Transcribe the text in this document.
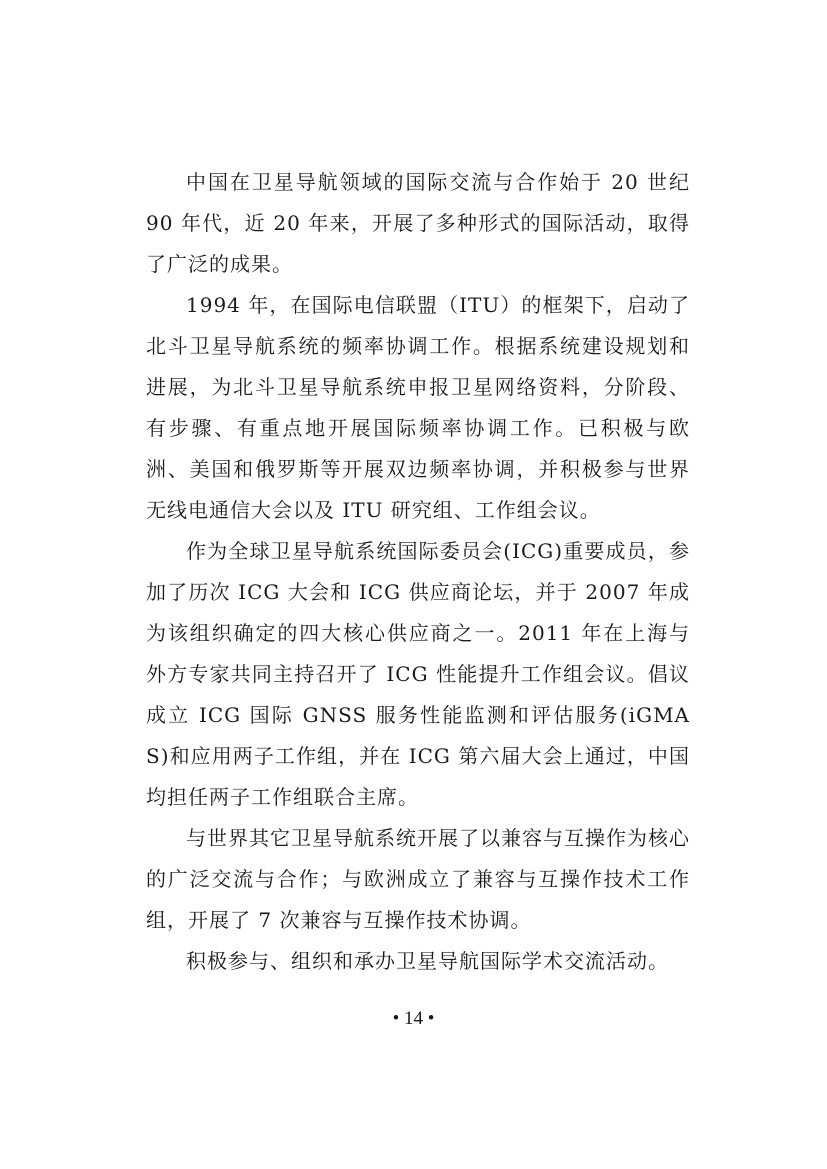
中国在卫星导航领域的国际交流与合作始于 20 世纪 90 年代，近 20 年来，开展了多种形式的国际活动，取得了广泛的成果。

1994 年，在国际电信联盟（ITU）的框架下，启动了北斗卫星导航系统的频率协调工作。根据系统建设规划和进展，为北斗卫星导航系统申报卫星网络资料，分阶段、有步骤、有重点地开展国际频率协调工作。已积极与欧洲、美国和俄罗斯等开展双边频率协调，并积极参与世界无线电通信大会以及 ITU 研究组、工作组会议。

作为全球卫星导航系统国际委员会(ICG)重要成员，参加了历次 ICG 大会和 ICG 供应商论坛，并于 2007 年成为该组织确定的四大核心供应商之一。2011 年在上海与外方专家共同主持召开了 ICG 性能提升工作组会议。倡议成立 ICG 国际 GNSS 服务性能监测和评估服务(iGMAS)和应用两子工作组，并在 ICG 第六届大会上通过，中国均担任两子工作组联合主席。

与世界其它卫星导航系统开展了以兼容与互操作为核心的广泛交流与合作；与欧洲成立了兼容与互操作技术工作组，开展了 7 次兼容与互操作技术协调。

积极参与、组织和承办卫星导航国际学术交流活动。

• 14 •
